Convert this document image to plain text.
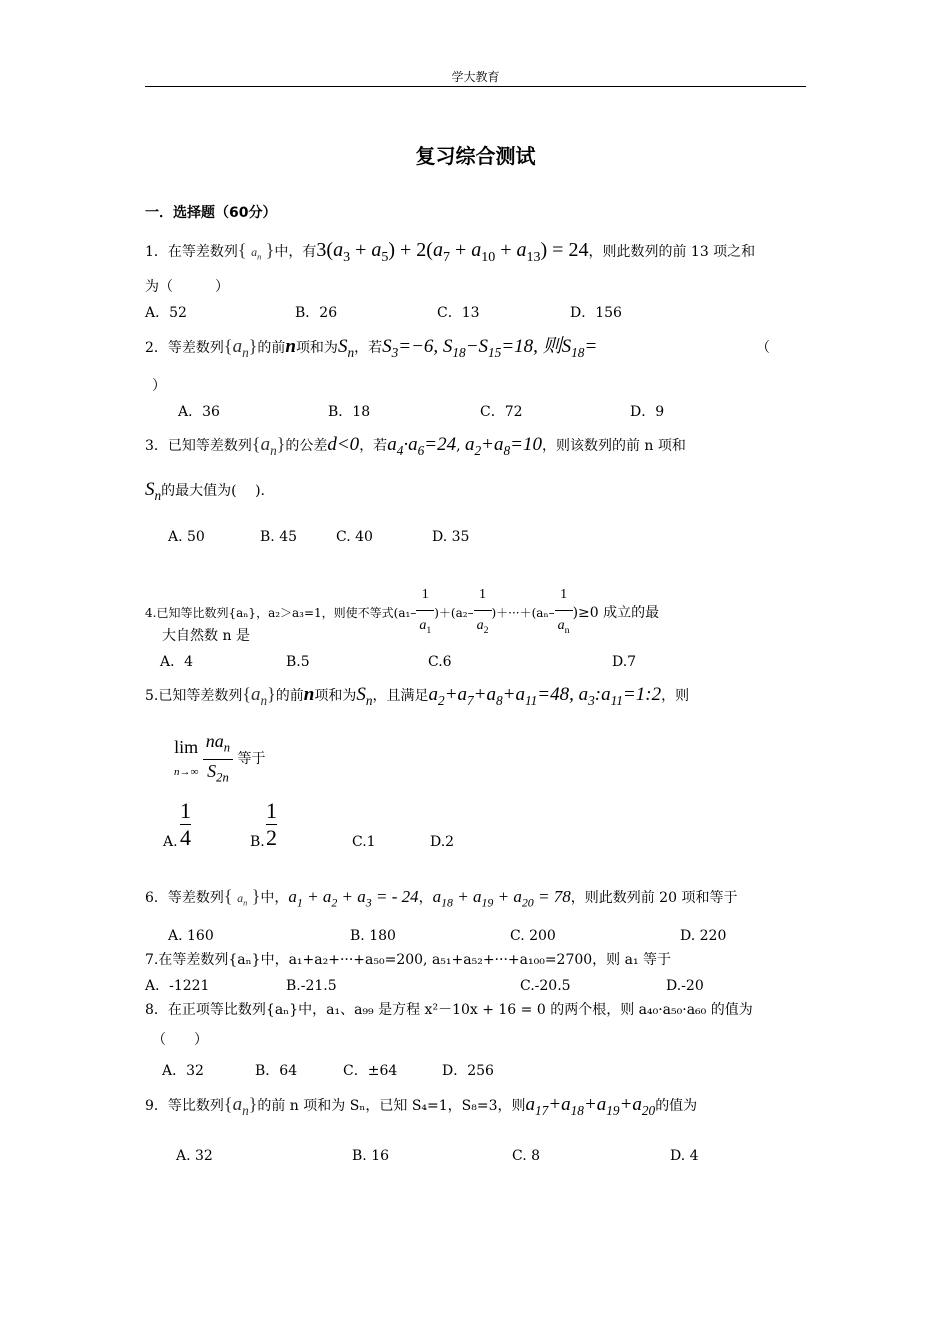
学大教育
复习综合测试
一．选择题（60分）
1．在等差数列{ $a_n$ }中，有$3(a_3 + a_5) + 2(a_7 + a_{10} + a_{13}) = 24$，则此数列的前 13 项之和
为（　　　）
A．52	B．26	C．13	D．156
2．等差数列$\{a_n\}$的前n项和为$S_n$，若$S_3=-6$, $S_{18}-S_{15}=18$, 则$S_{18}=$	（
）
A．36	B．18	C．72	D．9
3．已知等差数列$\{a_n\}$的公差d<0，若$a_4\cdot a_6=24$, $a_2+a_8=10$，则该数列的前 n 项和
$S_n$的最大值为(　 ).
A. 50	B. 45	C. 40	D. 35
4.已知等比数列{aₙ}，a₂＞a₃=1，则使不等式$(a_1- \frac{1}{a_1} )+(a_2- \frac{1}{a_2} )+\cdot\cdot\cdot+(a_n- \frac{1}{a_n} )\ge 0$ 成立的最
大自然数 n 是
A．4	B.5	C.6	D.7
5.已知等差数列$\{a_n\}$的前n项和为$S_n$，且满足$a_2+a_7+a_8+a_{11}=48$, $a_3:a_{11}=1:2$，则
lim
$n\to\infty \frac{na_n}{S_{2n}}$ 等于
A.
1
4	B.
1
2	C.1	D.2
6．等差数列{ $a_n$ }中，$a_1 + a_2 + a_3$ = - 24，$a_{18} + a_{19} + a_{20} = 78$，则此数列前 20 项和等于
A. 160	B. 180	C. 200	D. 220
7.在等差数列{aₙ}中，a₁+a₂+···+a₅₀=200, a₅₁+a₅₂+···+a₁₀₀=2700，则 a₁ 等于
A．-1221	B.-21.5	C.-20.5	D.-20
8．在正项等比数列{aₙ}中，a₁、a₉₉ 是方程 x²－10x + 16 = 0 的两个根，则 a₄₀·a₅₀·a₆₀ 的值为
（　　）
A．32	B．64	C．±64	D．256
9．等比数列$\{a_n\}$的前 n 项和为 Sₙ，已知 S₄=1，S₈=3，则$a_{17}+a_{18}+a_{19}+a_{20}$的值为
A. 32	B. 16	C. 8	D. 4
